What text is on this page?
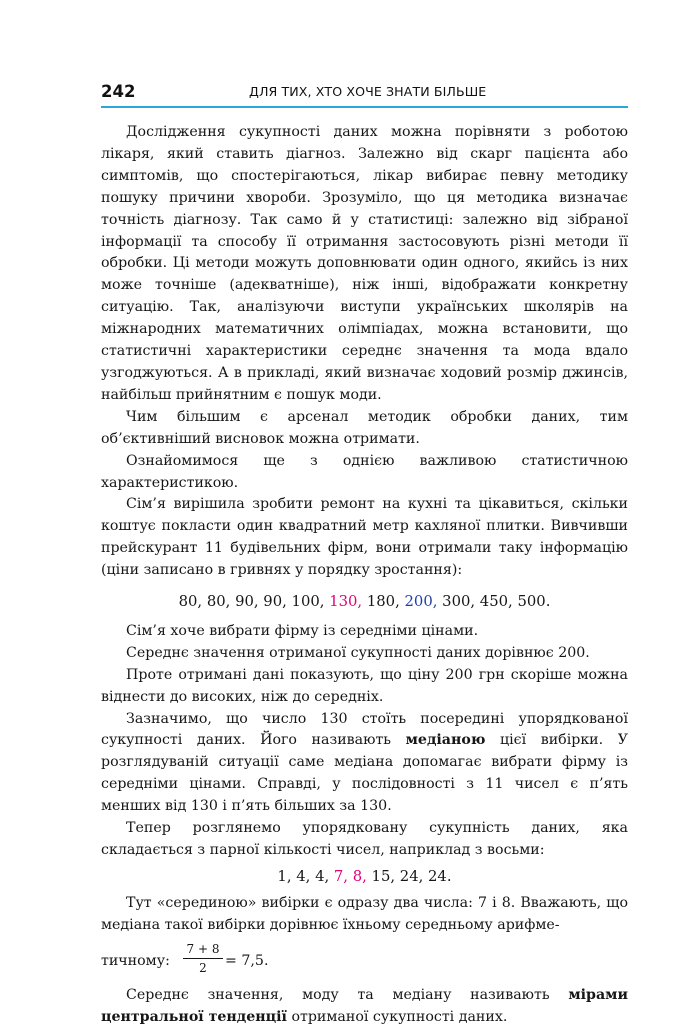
242	ДЛЯ ТИХ, ХТО ХОЧЕ ЗНАТИ БІЛЬШЕ

Дослідження сукупності даних можна порівняти з роботою лікаря, який ставить діагноз. Залежно від скарг пацієнта або симптомів, що спостерігаються, лікар вибирає певну методику пошуку причини хвороби. Зрозуміло, що ця методика визначає точність діагнозу. Так само й у статистиці: залежно від зібраної інформації та способу її отримання застосовують різні методи її обробки. Ці методи можуть доповнювати один одного, якийсь із них може точніше (адекватніше), ніж інші, відображати конкретну ситуацію. Так, аналізуючи виступи українських школярів на міжнародних математичних олімпіадах, можна встановити, що статистичні характеристики середнє значення та мода вдало узгоджуються. А в прикладі, який визначає ходовий розмір джинсів, найбільш прийнятним є пошук моди.

Чим більшим є арсенал методик обробки даних, тим об’єктивніший висновок можна отримати.

Ознайомимося ще з однією важливою статистичною характеристикою.

Сім’я вирішила зробити ремонт на кухні та цікавиться, скільки коштує покласти один квадратний метр кахляної плитки. Вивчивши прейскурант 11 будівельних фірм, вони отримали таку інформацію (ціни записано в гривнях у порядку зростання):

80, 80, 90, 90, 100, 130, 180, 200, 300, 450, 500.

Сім’я хоче вибрати фірму із середніми цінами.

Середнє значення отриманої сукупності даних дорівнює 200.

Проте отримані дані показують, що ціну 200 грн скоріше можна віднести до високих, ніж до середніх.

Зазначимо, що число 130 стоїть посередині упорядкованої сукупності даних. Його називають медіаною цієї вибірки. У розглядуваній ситуації саме медіана допомагає вибрати фірму із середніми цінами. Справді, у послідовності з 11 чисел є п’ять менших від 130 і п’ять більших за 130.

Тепер розглянемо упорядковану сукупність даних, яка складається з парної кількості чисел, наприклад з восьми:

1, 4, 4, 7, 8, 15, 24, 24.

Тут «серединою» вибірки є одразу два числа: 7 і 8. Вважають, що медіана такої вибірки дорівнює їхньому середньому арифме-

тичному: $\frac{7 + 8}{2} = 7,5$.

Середнє значення, моду та медіану називають мірами центральної тенденції отриманої сукупності даних.
